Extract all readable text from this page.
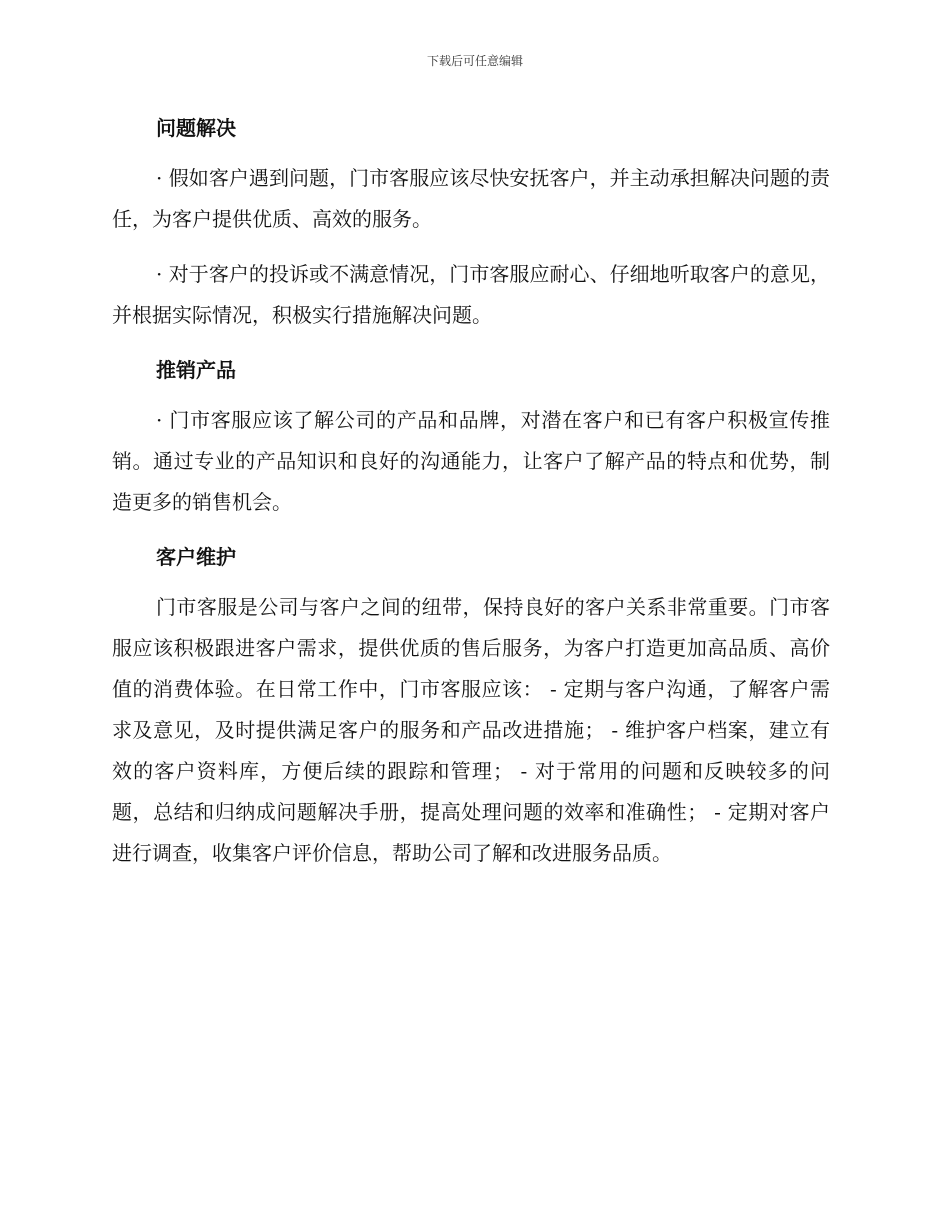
下载后可任意编辑
问题解决

· 假如客户遇到问题，门市客服应该尽快安抚客户，并主动承担解决问题的责任，为客户提供优质、高效的服务。

· 对于客户的投诉或不满意情况，门市客服应耐心、仔细地听取客户的意见，并根据实际情况，积极实行措施解决问题。

推销产品

· 门市客服应该了解公司的产品和品牌，对潜在客户和已有客户积极宣传推销。通过专业的产品知识和良好的沟通能力，让客户了解产品的特点和优势，制造更多的销售机会。

客户维护

门市客服是公司与客户之间的纽带，保持良好的客户关系非常重要。门市客服应该积极跟进客户需求，提供优质的售后服务，为客户打造更加高品质、高价值的消费体验。在日常工作中，门市客服应该： - 定期与客户沟通，了解客户需求及意见，及时提供满足客户的服务和产品改进措施； - 维护客户档案，建立有效的客户资料库，方便后续的跟踪和管理； - 对于常用的问题和反映较多的问题，总结和归纳成问题解决手册，提高处理问题的效率和准确性； - 定期对客户进行调查，收集客户评价信息，帮助公司了解和改进服务品质。
